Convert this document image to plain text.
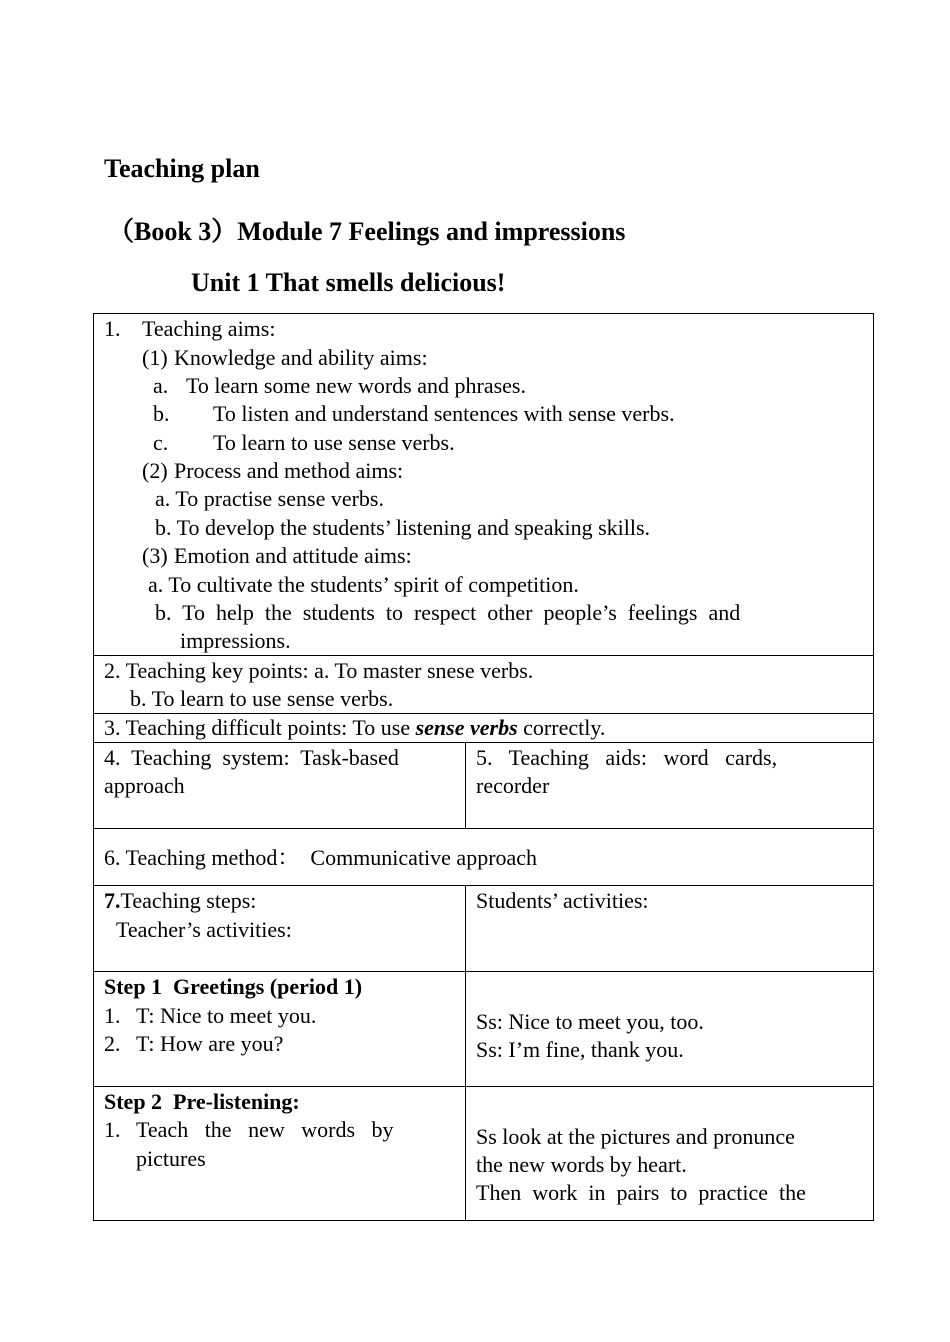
Teaching plan
（Book 3）Module 7 Feelings and impressions
Unit 1 That smells delicious!
1. Teaching aims:
(1) Knowledge and ability aims:
a. To learn some new words and phrases.
b. To listen and understand sentences with sense verbs.
c. To learn to use sense verbs.
(2) Process and method aims:
a. To practise sense verbs.
b. To develop the students’ listening and speaking skills.
(3) Emotion and attitude aims:
a. To cultivate the students’ spirit of competition.
b.  To  help  the  students  to  respect  other  people’s  feelings  and
impressions.
2. Teaching key points: a. To master snese verbs.
b. To learn to use sense verbs.
3. Teaching difficult points: To use sense verbs correctly.
4.  Teaching  system:  Task-based
approach
5.   Teaching   aids:   word   cards,
recorder
6. Teaching method：  Communicative approach
7.Teaching steps:
Teacher’s activities:
Students’ activities:
Step 1  Greetings (period 1)
1. T: Nice to meet you.
2. T: How are you?
Ss: Nice to meet you, too.
Ss: I’m fine, thank you.
Step 2  Pre-listening:
1. Teach   the   new   words   by
pictures
Ss look at the pictures and pronunce
the new words by heart.
Then  work  in  pairs  to  practice  the
